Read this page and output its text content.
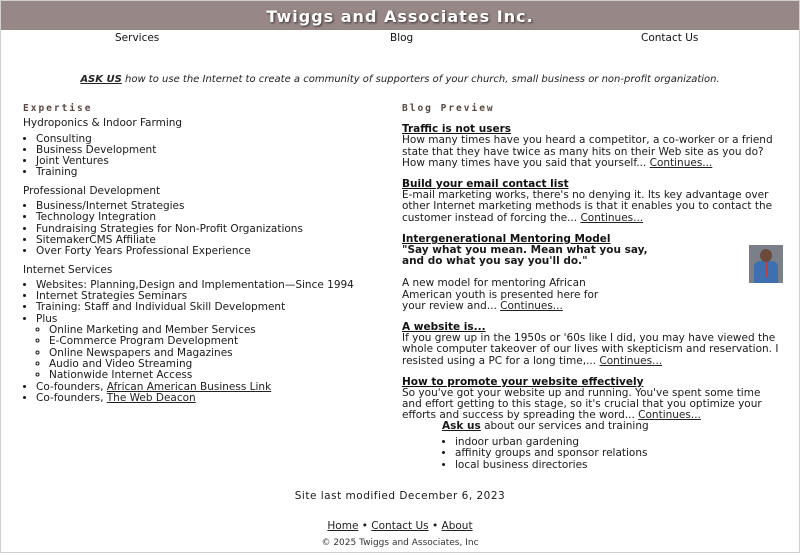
Twiggs and Associates Inc.
Services	Blog	Contact Us
ASK US how to use the Internet to create a community of supporters of your church, small business or non-profit organization.
Expertise
Hydroponics & Indoor Farming
• Consulting
• Business Development
• Joint Ventures
• Training
Professional Development
• Business/Internet Strategies
• Technology Integration
• Fundraising Strategies for Non-Profit Organizations
• SitemakerCMS Affiliate
• Over Forty Years Professional Experience
Internet Services
• Websites: Planning,Design and Implementation—Since 1994
• Internet Strategies Seminars
• Training: Staff and Individual Skill Development
• Plus
◦ Online Marketing and Member Services
◦ E-Commerce Program Development
◦ Online Newspapers and Magazines
◦ Audio and Video Streaming
◦ Nationwide Internet Access
• Co-founders, African American Business Link
• Co-founders, The Web Deacon
Blog Preview
Traffic is not users
How many times have you heard a competitor, a co-worker or a friend state that they have twice as many hits on their Web site as you do? How many times have you said that yourself... Continues...
Build your email contact list
E-mail marketing works, there's no denying it. Its key advantage over other Internet marketing methods is that it enables you to contact the customer instead of forcing the... Continues...
Intergenerational Mentoring Model
"Say what you mean. Mean what you say,
and do what you say you'll do."
A new model for mentoring African American youth is presented here for your review and... Continues...
A website is...
If you grew up in the 1950s or '60s like I did, you may have viewed the whole computer takeover of our lives with skepticism and reservation. I resisted using a PC for a long time,... Continues...
How to promote your website effectively
So you've got your website up and running. You've spent some time and effort getting to this stage, so it's crucial that you optimize your efforts and success by spreading the word... Continues...
Ask us about our services and training
• indoor urban gardening
• affinity groups and sponsor relations
• local business directories
Site last modified December 6, 2023
Home • Contact Us • About
© 2025 Twiggs and Associates, Inc
